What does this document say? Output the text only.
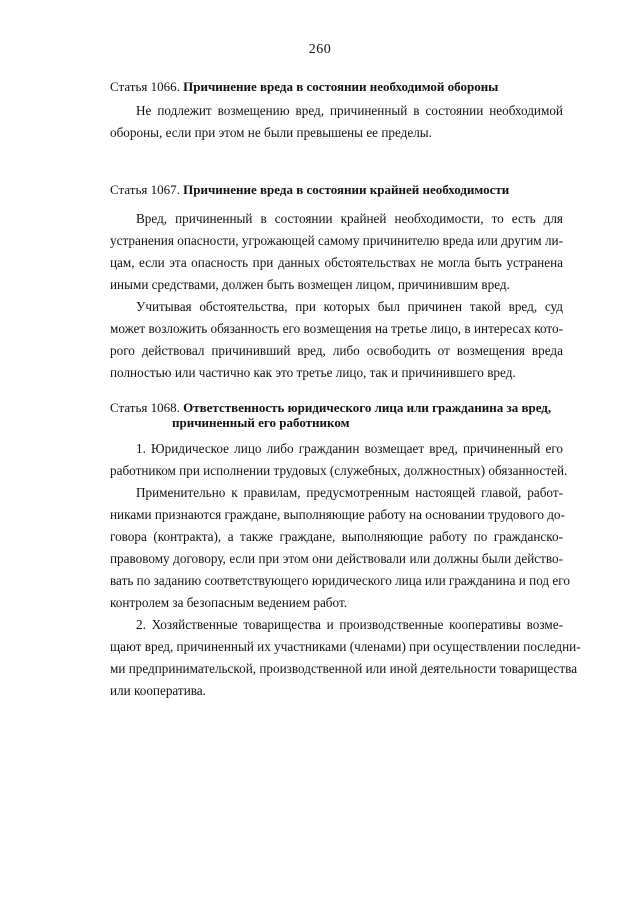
260
Статья 1066. Причинение вреда в состоянии необходимой обороны
Не подлежит возмещению вред, причиненный в состоянии необходимой
обороны, если при этом не были превышены ее пределы.
Статья 1067. Причинение вреда в состоянии крайней необходимости
Вред, причиненный в состоянии крайней необходимости, то есть для
устранения опасности, угрожающей самому причинителю вреда или другим ли-
цам, если эта опасность при данных обстоятельствах не могла быть устранена
иными средствами, должен быть возмещен лицом, причинившим вред.
Учитывая обстоятельства, при которых был причинен такой вред, суд
может возложить обязанность его возмещения на третье лицо, в интересах кото-
рого действовал причинивший вред, либо освободить от возмещения вреда
полностью или частично как это третье лицо, так и причинившего вред.
Статья 1068. Ответственность юридического лица или гражданина за вред,
причиненный его работником
1. Юридическое лицо либо гражданин возмещает вред, причиненный его
работником при исполнении трудовых (служебных, должностных) обязанностей.
Применительно к правилам, предусмотренным настоящей главой, работ-
никами признаются граждане, выполняющие работу на основании трудового до-
говора (контракта), а также граждане, выполняющие работу по гражданско-
правовому договору, если при этом они действовали или должны были действо-
вать по заданию соответствующего юридического лица или гражданина и под его
контролем за безопасным ведением работ.
2. Хозяйственные товарищества и производственные кооперативы возме-
щают вред, причиненный их участниками (членами) при осуществлении последни-
ми предпринимательской, производственной или иной деятельности товарищества
или кооператива.
